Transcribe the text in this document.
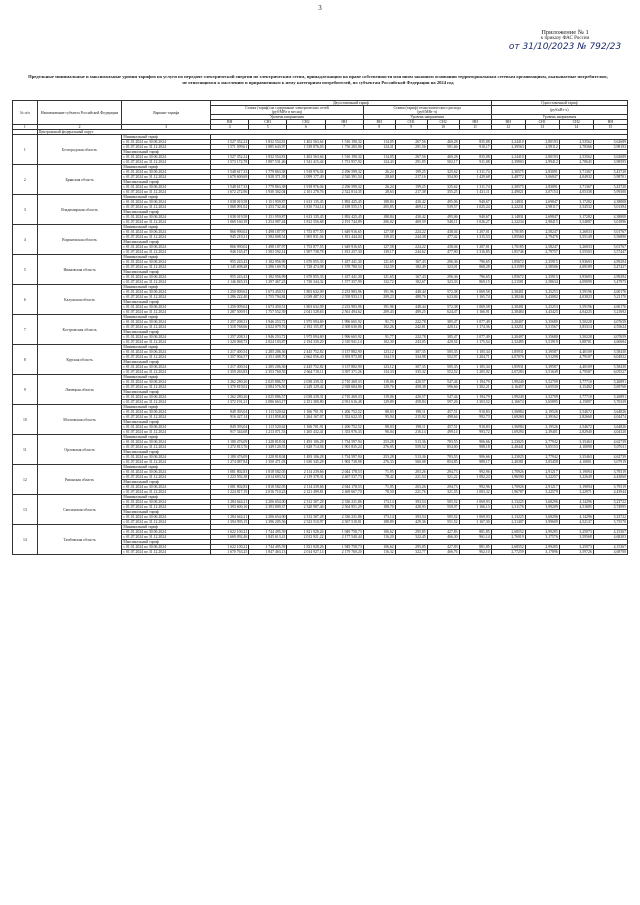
3
Приложение № 1
к приказу ФАС России
от 31/10/2023 № 792/23
Предельные минимальные и максимальные уровни тарифов на услуги по передаче электрической энергии по электрическим сетям, принадлежащим на праве собственности или ином законном основании территориальным сетевым организациям, оказываемые потребителям, не относящимся к населению и приравненным к нему категориям потребителей, по субъектам Российской Федерации на 2024 год
№ п/п	Наименование субъекта Российской Федерации	Вариант тарифа	Двухставочный тариф								Одноставочный тариф			
			Ставка (тариф) на содержание электрических сетей
(руб/МВт в месяц)				Ставка (тариф) технологического расхода
(руб/МВт·ч)				(руб/кВт·ч)			
			Уровень напряжения				Уровень напряжения				Уровень напряжения			
			ВН	СН1	СН2	НН	ВН	СН1	СН2	НН	ВН	СН1	СН2	НН
1	2	3	4	5	6	7	8	9	10	11	12	13	14	15
	Центральный федеральный округ													
1	Белгородская область	Минимальный тариф												
		с 01.01.2024 по 30.06.2024	1 527 352,22	1 832 554,81	1 402 563,64	1 516 190,32	114,05	267,56	460,28	835,08	2,24410	2,80193	2,53562	3,62689
		с 01.07.2024 по 31.12.2024	1 571 599,61	1 885 643,97	1 539 876,03	1 750 205,96	124,31	291,56	501,66	910,17	2,39563	2,99112	2,78366	3,98193
		Максимальный тариф												
		с 01.01.2024 по 30.06.2024	1 527 352,22	1 832 554,81	1 402 563,64	1 516 190,32	114,05	267,56	460,28	835,08	2,24410	2,80193	2,53562	3,62689
		с 01.07.2024 по 31.12.2024	1 573 172,78	1 887 531,46	1 541 415,44	1 751 957,92	124,43	291,85	502,17	911,08	2,39803	2,99412	2,78645	3,98595
2	Брянская область	Минимальный тариф												
		с 01.01.2024 по 30.06.2024	1 548 617,33	1 779 863,38	1 918 976,04	2 296 599,32	26,24	199,25	325,62	1 311,74	2,30575	2,83091	3,71367	5,43720
		с 01.07.2024 по 31.12.2024	1 670 600,69	1 928 371,39	2 099 177,49	2 520 391,54	28,60	217,16	354,90	1 429,68	2,48772	3,06847	4,04932	5,98701
		Максимальный тариф												
		с 01.01.2024 по 30.06.2024	1 548 617,33	1 779 863,38	1 918 976,04	2 296 599,32	26,24	199,25	325,62	1 311,74	2,30575	2,83091	3,71367	5,43720
		с 01.07.2024 по 31.12.2024	1 672 272,96	1 930 302,04	2 101 278,76	2 522 814,35	28,63	217,38	355,25	1 431,11	2,49021	3,07154	4,05338	5,99300
3	Владимирская область	Минимальный тариф												
		с 01.01.2024 по 30.06.2024	1 038 019,58	1 151 959,87	1 613 135,45	1 892 425,45	188,84	430,42	495,06	940,67	2,14831	2,69847	3,17282	4,38808
		с 01.07.2024 по 31.12.2024	1 068 091,02	1 253 732,46	1 810 734,14	2 189 555,15	205,85	469,12	539,57	1 025,24	2,22231	2,98117	3,54532	5,01394
		Максимальный тариф												
		с 01.01.2024 по 30.06.2024	1 038 019,58	1 151 959,87	1 613 135,45	1 892 425,45	188,84	430,42	495,06	940,67	2,14831	2,69847	3,17282	4,38808
		с 01.07.2024 по 31.12.2024	1 069 160,18	1 254 987,44	1 812 556,68	2 191 744,89	206,02	469,59	540,11	1 026,27	2,22234	2,98415	3,54887	5,01896
4	Воронежская область	Минимальный тариф												
		с 01.01.2024 по 30.06.2024	866 990,02	1 498 187,97	1 753 877,55	1 649 916,65	127,58	224,22	438,04	1 207,01	1,70185	2,58247	3,26833	5,01767
		с 01.07.2024 по 31.12.2024	945 219,31	1 582 008,54	1 905 831,04	1 811 444,04	139,03	244,38	477,42	1 315,53	1,85560	2,79478	3,55149	5,56890
		Максимальный тариф												
		с 01.01.2024 по 30.06.2024	866 990,02	1 498 187,97	1 753 877,55	1 649 916,65	127,58	224,22	438,04	1 207,01	1,70185	2,58247	3,26833	5,01767
		с 01.07.2024 по 31.12.2024	946 165,47	1 583 592,14	1 907 738,78	1 813 257,30	139,17	244,62	477,90	1 316,85	1,85746	2,79757	3,55503	5,57447
5	Ивановская область	Минимальный тариф												
		с 01.01.2024 по 30.06.2024	955 243,43	1 182 956,99	1 670 055,33	1 437 441,30	121,65	167,43	296,36	796,65	1,85672	2,35915	3,93693	4,99294
		с 01.07.2024 по 31.12.2024	1 145 698,48	1 296 169,76	1 728 474,98	1 578 780,54	132,59	182,49	323,01	868,28	2,31599	2,58506	4,09189	5,47427
		Максимальный тариф												
		с 01.01.2024 по 30.06.2024	955 243,43	1 182 956,99	1 670 055,33	1 437 441,30	121,65	167,43	296,36	796,65	1,85672	2,35915	3,93693	4,99294
		с 01.07.2024 по 31.12.2024	1 146 845,33	1 297 467,23	1 730 344,32	1 577 357,99	132,72	182,67	323,33	869,15	2,21581	2,58634	4,09099	5,47975
6	Калужская область	Минимальный тариф												
		с 01.01.2024 по 30.06.2024	1 250 009,62	1 673 450,51	1 803 632,09	2 233 983,96	191,96	448,44	572,38	1 069,58	2,30401	3,25253	3,59196	4,60176
		с 01.07.2024 по 31.12.2024	1 286 222,40	1 755 794,84	2 039 487,10	2 558 933,13	209,23	488,76	623,84	1 165,74	2,38246	3,43082	4,03823	5,21170
		Максимальный тариф												
		с 01.01.2024 по 30.06.2024	1 250 009,62	1 673 450,51	1 803 632,09	2 233 983,96	191,96	448,44	572,38	1 069,58	2,30401	3,25253	3,59196	4,60176
		с 01.07.2024 по 31.12.2024	1 287 509,91	1 757 552,39	2 041 528,63	2 561 494,62	209,43	489,25	624,47	1 166,91	2,38484	3,43425	4,04225	5,21692
7	Костромская область	Минимальный тариф												
		с 01.01.2024 по 30.06.2024	1 257 208,31	1 946 253,72	1 975 094,69	1 996 665,92	91,73	222,78	385,47	1 077,49	2,20407	3,35680	3,50228	4,07659
		с 01.07.2024 по 31.12.2024	1 318 768,66	2 022 079,76	2 192 155,87	2 308 630,86	102,26	242,81	420,12	1 174,36	2,32251	3,51567	3,83314	4,55624
		Максимальный тариф												
		с 01.01.2024 по 30.06.2024	1 257 208,31	1 946 253,72	1 975 094,69	1 996 665,92	91,77	222,78	385,47	1 077,49	2,20407	3,35680	3,50228	4,07659
		с 01.07.2024 по 31.12.2024	1 320 068,73	2 024 103,87	2 194 330,20	2 310 941,14	102,30	243,05	420,54	1 175,54	2,32485	3,51919	3,88701	4,60684
8	Курская область	Минимальный тариф												
		с 01.01.2024 по 30.06.2024	1 217 400,54	2 285 206,36	2 445 752,82	3 137 882,90	123,12	307,35	505,35	1 105,34	1,85931	3,39587	4,40109	5,58430
		с 01.07.2024 по 31.12.2024	1 357 904,57	2 351 408,70	2 662 056,40	3 393 973,88	134,19	334,98	552,97	1 204,71	2,07076	3,51298	4,79107	6,04922
		Максимальный тариф												
		с 01.01.2024 по 30.06.2024	1 217 400,54	2 285 206,36	2 445 752,82	3 137 882,90	123,12	307,35	505,35	1 105,34	1,85931	3,39587	4,40109	5,58430
		с 01.07.2024 по 31.12.2024	1 359 263,83	2 353 760,55	2 664 718,11	3 397 371,26	134,33	335,32	552,52	1 205,92	2,07283	3,51649	4,79587	6,05527
9	Липецкая область	Минимальный тариф												
		с 01.01.2024 по 30.06.2024	1 262 280,26	2 025 886,57	2 038 239,31	2 710 269,33	119,06	420,57	547,44	1 194,79	1,99240	3,52709	3,77710	5,26891
		с 01.07.2024 по 31.12.2024	1 370 819,02	2 084 576,50	2 249 129,42	2 928 684,86	129,76	458,38	596,66	1 302,21	2,16457	3,65530	4,15482	5,69768
		Максимальный тариф												
		с 01.01.2024 по 30.06.2024	1 262 280,26	2 025 886,57	2 038 239,31	2 710 269,33	119,06	420,57	547,44	1 194,79	1,99240	3,52709	3,77710	5,26891
		с 01.07.2024 по 31.12.2024	1 372 191,21	2 086 663,17	2 251 380,80	2 931 616,48	129,89	458,84	597,26	1 303,52	2,16674	3,65895	4,15897	5,70339
10	Московская область	Минимальный тариф												
		с 01.01.2024 по 30.06.2024	849 393,04	1 113 520,62	1 166 701,91	1 206 752,52	88,03	198,11	457,51	910,83	1,56984	2,19526	2,54672	3,64826
		с 01.07.2024 по 31.12.2024	916 427,14	1 211 858,40	1 264 167,07	1 352 622,35	95,94	215,92	498,64	992,73	1,69269	2,39162	2,82660	4,04474
		Максимальный тариф												
		с 01.01.2024 по 30.06.2024	849 393,04	1 113 520,62	1 166 701,91	1 206 752,52	88,03	198,11	457,51	910,83	1,56984	2,19526	2,54672	3,64826
		с 01.07.2024 по 31.12.2024	917 344,68	1 213 071,53	1 265 432,41	1 353 976,33	96,04	216,14	499,14	993,72	1,69294	2,39401	2,82940	4,04320
11	Орловская область	Минимальный тариф												
		с 01.01.2024 по 30.06.2024	1 180 476,09	1 228 818,04	1 493 106,28	1 734 597,94	253,28	513,36	783,55	906,66	2,23025	2,77942	3,35463	4,62739
		с 01.07.2024 по 31.12.2024	1 272 813,76	1 349 120,55	1 628 714,94	1 901 835,24	276,05	559,52	854,00	988,18	2,40441	3,05153	4,10090	5,07611
		Максимальный тариф												
		с 01.01.2024 по 30.06.2024	1 180 476,09	1 228 818,04	1 493 106,28	1 734 597,94	253,28	513,36	783,55	906,66	2,23025	2,77942	3,35463	4,62739
		с 01.07.2024 по 31.12.2024	1 274 087,84	1 350 471,03	1 630 345,28	1 903 738,98	276,33	560,08	854,85	989,17	2,40381	3,05458	4,10801	5,07919
12	Рязанская область	Минимальный тариф												
		с 01.01.2024 по 30.06.2024	1 081 802,83	1 818 582,05	2 114 239,66	2 044 178,53	71,95	203,26	294,73	992,96	1,70926	2,91217	3,19094	3,79319
		с 01.07.2024 по 31.12.2024	1 223 592,38	2 014 693,52	2 119 378,31	2 467 537,73	78,42	221,54	321,22	1 082,24	1,96590	3,22257	3,22649	4,43060
		Максимальный тариф												
		с 01.01.2024 по 30.06.2024	1 081 802,83	1 818 582,05	2 114 239,66	2 044 178,53	71,95	203,26	294,73	992,96	1,70926	2,91217	3,19094	3,79319
		с 01.07.2024 по 31.12.2024	1 224 817,19	2 016 710,23	2 121 499,81	2 469 667,70	78,50	221,76	321,55	1 083,32	1,96787	3,22579	3,22971	4,43944
13	Смоленская область	Минимальный тариф												
		с 01.01.2024 по 30.06.2024	1 284 644,21	2 206 654,00	2 312 307,28	2 336 231,86	173,14	393,54	505,52	1 069,93	2,13225	3,68296	4,14296	5,23722
		с 01.07.2024 по 31.12.2024	1 393 600,16	2 393 809,37	2 520 987,46	2 564 951,29	188,70	428,93	550,97	1 166,13	2,31176	3,99209	4,51685	5,74995
		Максимальный тариф												
		с 01.01.2024 по 30.06.2024	1 284 644,21	2 206 654,00	2 312 307,28	2 336 231,86	173,14	393,54	505,52	1 069,93	2,13225	3,68296	4,14296	5,23722
		с 01.07.2024 по 31.12.2024	1 394 995,15	2 396 205,56	2 523 510,97	2 567 518,81	188,89	429,36	551,52	1 167,30	2,31407	3,99609	4,52137	5,75570
14	Тамбовская область	Минимальный тариф												
		с 01.01.2024 по 30.06.2024	1 622 100,22	1 744 495,59	1 821 928,26	1 949 758,73	106,62	295,85	427,83	881,85	2,68552	2,99285	3,25973	4,15367
		с 01.07.2024 по 31.12.2024	1 669 092,46	1 845 613,41	2 012 921,22	2 177 540,44	116,20	322,45	466,30	961,14	2,76919	3,17576	3,59568	4,68203
		Максимальный тариф												
		с 01.01.2024 по 30.06.2024	1 622 100,22	1 744 495,59	1 821 928,26	1 949 758,73	106,62	295,85	427,83	881,85	2,68552	2,99285	3,25973	4,15367
		с 01.07.2024 по 31.12.2024	1 670 763,25	1 847 463,13	2 014 927,14	2 179 760,20	116,32	322,77	466,76	962,10	2,77259	3,17896	3,59726	4,68700
